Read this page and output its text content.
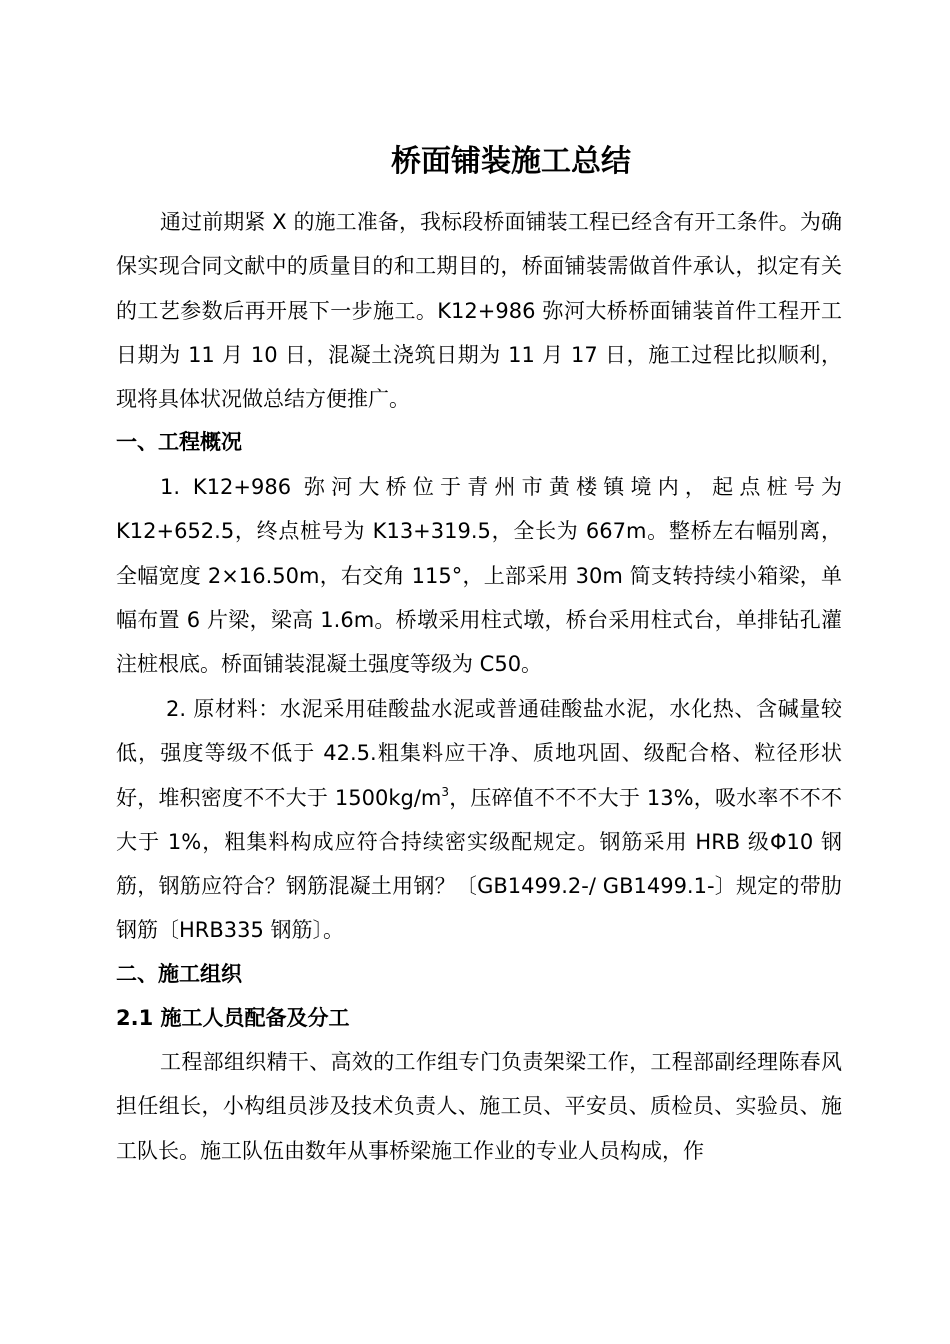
桥面铺装施工总结

通过前期紧 X 的施工准备，我标段桥面铺装工程已经含有开工条件。为确保实现合同文献中的质量目的和工期目的，桥面铺装需做首件承认，拟定有关的工艺参数后再开展下一步施工。K12+986 弥河大桥桥面铺装首件工程开工日期为 11 月 10 日，混凝土浇筑日期为 11 月 17 日，施工过程比拟顺利，现将具体状况做总结方便推广。

一、工程概况

1. K12+986 弥河大桥位于青州市黄楼镇境内，起点桩号为 K12+652.5，终点桩号为 K13+319.5，全长为 667m。整桥左右幅别离，全幅宽度 2×16.50m，右交角 115°，上部采用 30m 简支转持续小箱梁，单幅布置 6 片梁，梁高 1.6m。桥墩采用柱式墩，桥台采用柱式台，单排钻孔灌注桩根底。桥面铺装混凝土强度等级为 C50。

2. 原材料：水泥采用硅酸盐水泥或普通硅酸盐水泥，水化热、含碱量较低，强度等级不低于 42.5.粗集料应干净、质地巩固、级配合格、粒径形状好，堆积密度不不大于 $1500kg/m^3$，压碎值不不不大于 13%，吸水率不不不大于 1%，粗集料构成应符合持续密实级配规定。钢筋采用 HRB 级Φ10 钢筋，钢筋应符合？钢筋混凝土用钢？〔GB1499.2-/ GB1499.1-〕规定的带肋钢筋〔HRB335 钢筋〕。

二、施工组织
2.1 施工人员配备及分工

工程部组织精干、高效的工作组专门负责架梁工作，工程部副经理陈春风担任组长，小构组员涉及技术负责人、施工员、平安员、质检员、实验员、施工队长。施工队伍由数年从事桥梁施工作业的专业人员构成，作
